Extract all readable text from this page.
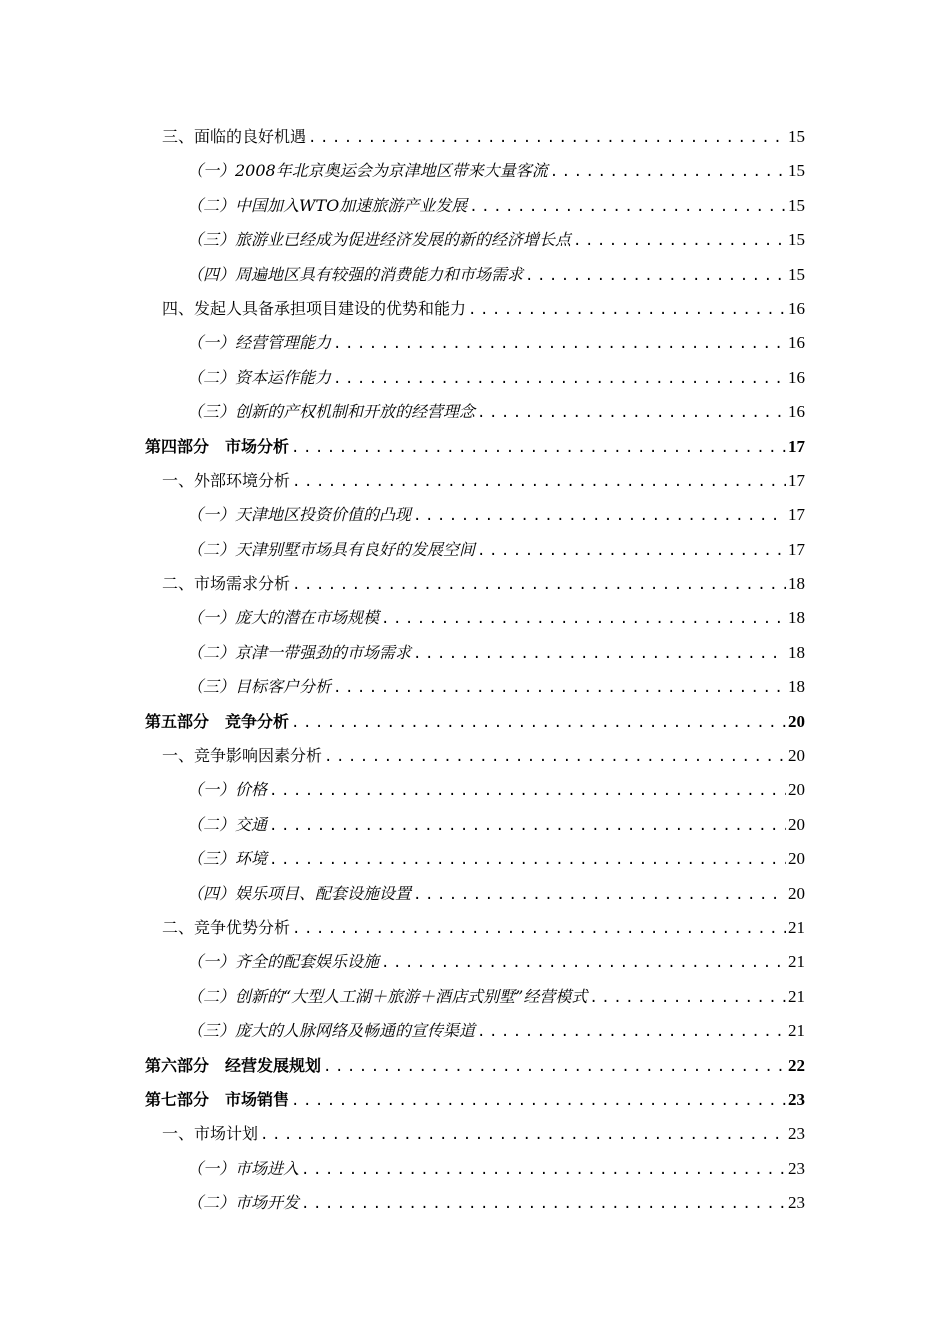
三、面临的良好机遇 .....	15
（一）2008年北京奥运会为京津地区带来大量客流 .....	15
（二）中国加入WTO加速旅游产业发展 .....	15
（三）旅游业已经成为促进经济发展的新的经济增长点 .....	15
（四）周遍地区具有较强的消费能力和市场需求 .....	15
四、发起人具备承担项目建设的优势和能力 .....	16
（一）经营管理能力 .....	16
（二）资本运作能力 .....	16
（三）创新的产权机制和开放的经营理念 .....	16
第四部分　市场分析 .....	17
一、外部环境分析 .....	17
（一）天津地区投资价值的凸现 .....	17
（二）天津别墅市场具有良好的发展空间 .....	17
二、市场需求分析 .....	18
（一）庞大的潜在市场规模 .....	18
（二）京津一带强劲的市场需求 .....	18
（三）目标客户分析 .....	18
第五部分　竞争分析 .....	20
一、竞争影响因素分析 .....	20
（一）价格 .....	20
（二）交通 .....	20
（三）环境 .....	20
（四）娱乐项目、配套设施设置 .....	20
二、竞争优势分析 .....	21
（一）齐全的配套娱乐设施 .....	21
（二）创新的“大型人工湖＋旅游＋酒店式别墅”经营模式 .....	21
（三）庞大的人脉网络及畅通的宣传渠道 .....	21
第六部分　经营发展规划 .....	22
第七部分　市场销售 .....	23
一、市场计划 .....	23
（一）市场进入 .....	23
（二）市场开发 .....	23
